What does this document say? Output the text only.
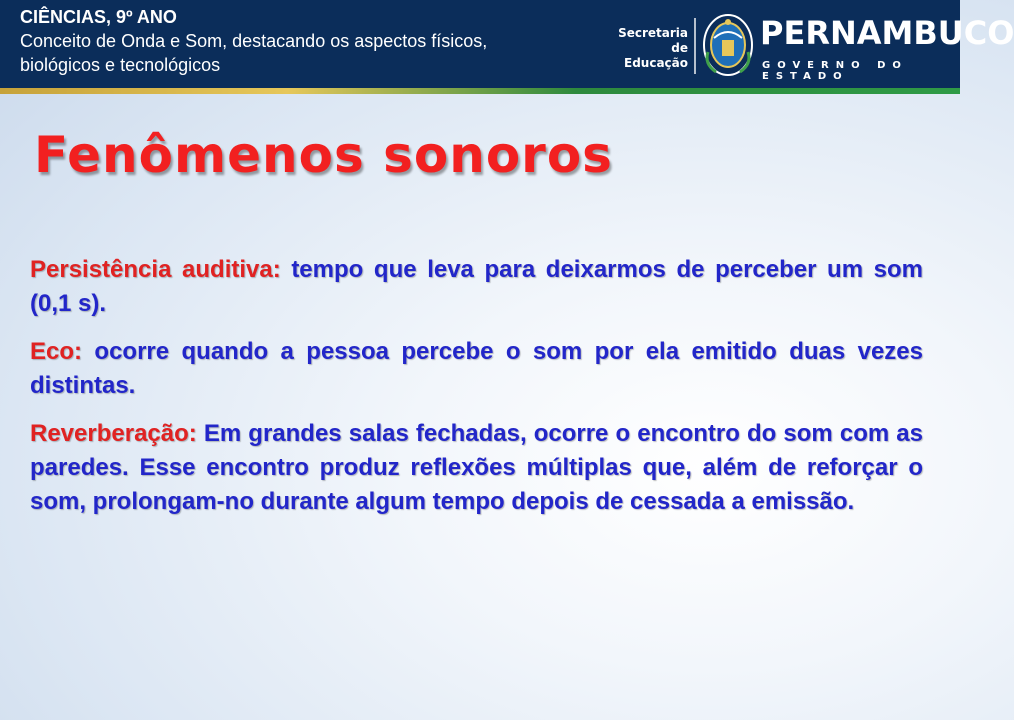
CIÊNCIAS, 9º ANO
Conceito de Onda e Som, destacando os aspectos físicos,
biológicos e tecnológicos
Secretaria de
Educação
PERNAMBUCO
GOVERNO DO ESTADO
Fenômenos sonoros

Persistência auditiva: tempo que leva para deixarmos de perceber um som (0,1 s).

Eco: ocorre quando a pessoa percebe o som por ela emitido duas vezes distintas.

Reverberação: Em grandes salas fechadas, ocorre o encontro do som com as paredes. Esse encontro produz reflexões múltiplas que, além de reforçar o som, prolongam-no durante algum tempo depois de cessada a emissão.
